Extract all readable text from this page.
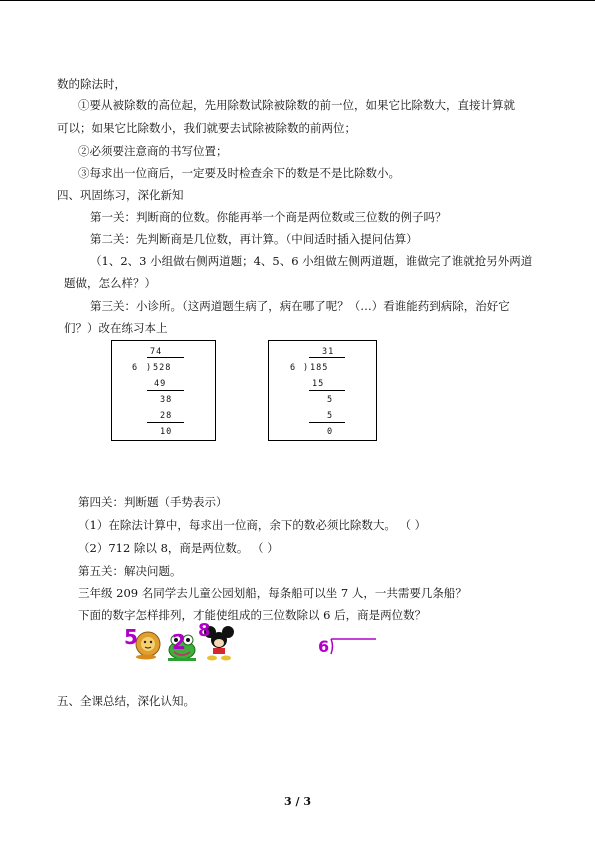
数的除法时，
①要从被除数的高位起，先用除数试除被除数的前一位，如果它比除数大，直接计算就
可以；如果它比除数小，我们就要去试除被除数的前两位；
②必须要注意商的书写位置；
③每求出一位商后，一定要及时检查余下的数是不是比除数小。
四、巩固练习，深化新知
第一关：判断商的位数。你能再举一个商是两位数或三位数的例子吗？
第二关：先判断商是几位数，再计算。（中间适时插入提问估算）
（1、2、3 小组做右侧两道题；4、5、6 小组做左侧两道题，谁做完了谁就抢另外两道
题做，怎么样？）
第三关：小诊所。（这两道题生病了，病在哪了呢？（…）看谁能药到病除，治好它
们？）改在练习本上
74
6 ) 528
49
38
28
10
31
6 ) 185
15
5
5
0
第四关：判断题（手势表示）
（1）在除法计算中，每求出一位商，余下的数必须比除数大。 （ ）
（2）712 除以 8，商是两位数。 （ ）
第五关：解决问题。
三年级 209 名同学去儿童公园划船，每条船可以坐 7 人，一共需要几条船？
下面的数字怎样排列，才能使组成的三位数除以 6 后，商是两位数？
5 2 8
6
五、全课总结，深化认知。
3 / 3
